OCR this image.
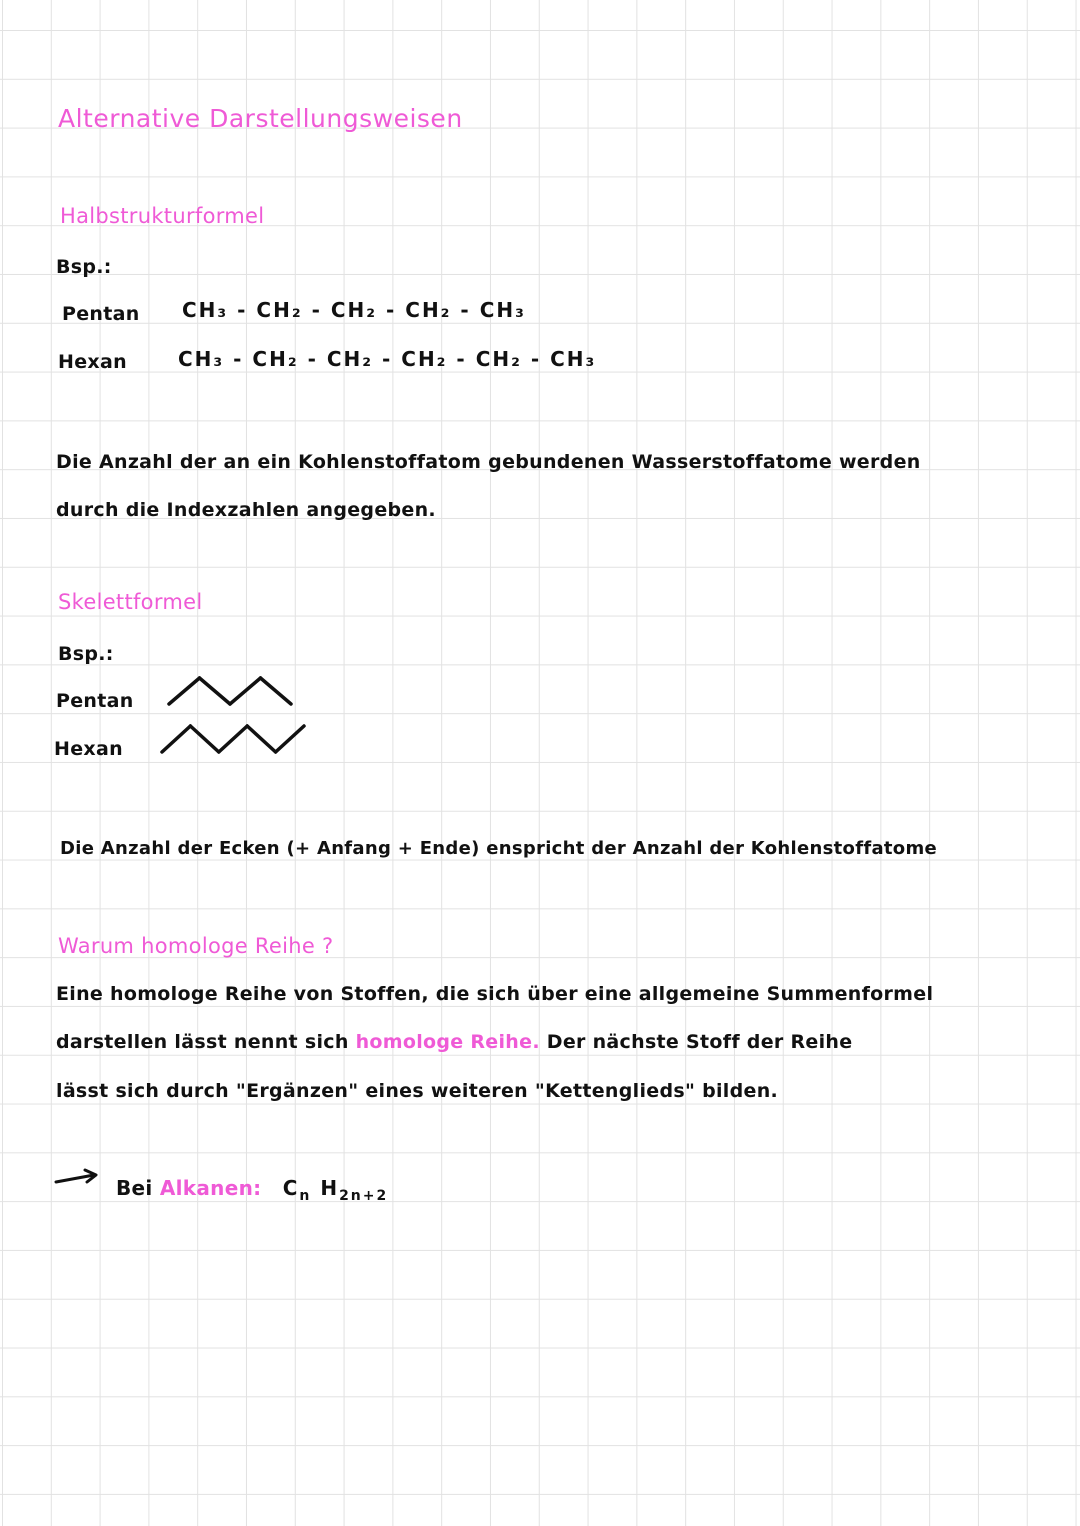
Alternative Darstellungsweisen
Halbstrukturformel
Bsp.:
Pentan CH₃ - CH₂ - CH₂ - CH₂ - CH₃
Hexan	CH₃ - CH₂ - CH₂ - CH₂ - CH₂ - CH₃
Die Anzahl der an ein Kohlenstoffatom gebundenen Wasserstoffatome werden
durch die Indexzahlen angegeben.
Skelettformel
Bsp.:
Pentan
Hexan
Die Anzahl der Ecken (+ Anfang + Ende) enspricht der Anzahl der Kohlenstoffatome
Warum homologe Reihe ?
Eine homologe Reihe von Stoffen, die sich über eine allgemeine Summenformel
darstellen lässt nennt sich homologe Reihe. Der nächste Stoff der Reihe
lässt sich durch "Ergänzen" eines weiteren "Kettenglieds" bilden.
Bei Alkanen: $C_n$ $H_{2n+2}$
